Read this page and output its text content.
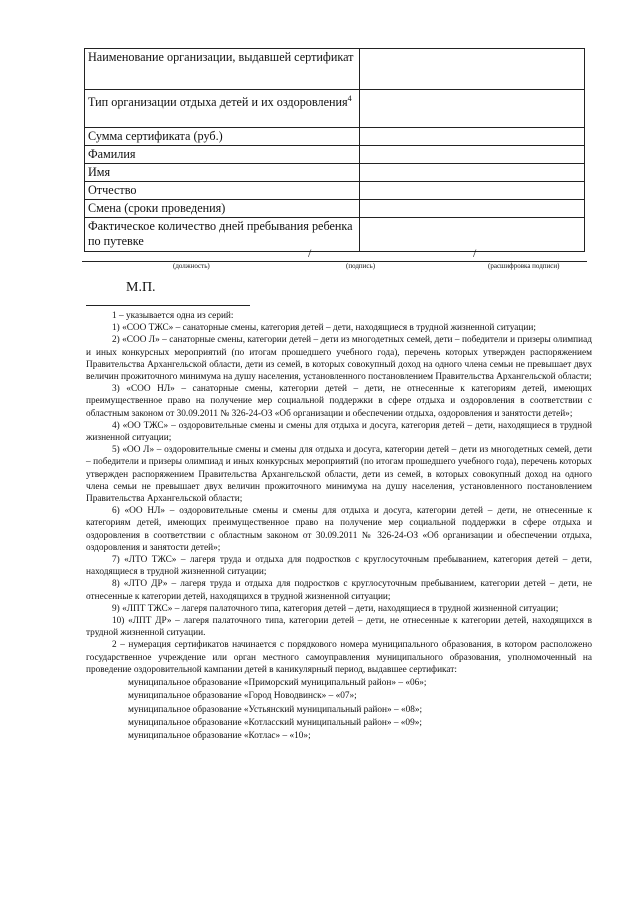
Наименование организации, выдавшей сертификат	
Тип организации отдыха детей и их оздоровления$^4$	
Сумма сертификата (руб.)	
Фамилия	
Имя	
Отчество	
Смена (сроки проведения)	
Фактическое количество дней пребывания ребенка по путевке	
/	/
(должность)	(подпись)	(расшифровка подписи)
М.П.

1 – указывается одна из серий:

1) «СОО ТЖС» – санаторные смены, категория детей – дети, находящиеся в трудной жизненной ситуации;

2) «СОО Л» – санаторные смены, категории детей – дети из многодетных семей, дети – победители и призеры олимпиад и иных конкурсных мероприятий (по итогам прошедшего учебного года), перечень которых утвержден распоряжением Правительства Архангельской области, дети из семей, в которых совокупный доход на одного члена семьи не превышает двух величин прожиточного минимума на душу населения, установленного постановлением Правительства Архангельской области;

3) «СОО НЛ» – санаторные смены, категории детей – дети, не отнесенные к категориям детей, имеющих преимущественное право на получение мер социальной поддержки в сфере отдыха и оздоровления в соответствии с областным законом от 30.09.2011 № 326-24-ОЗ «Об организации и обеспечении отдыха, оздоровления и занятости детей»;

4) «ОО ТЖС» – оздоровительные смены и смены для отдыха и досуга, категория детей – дети, находящиеся в трудной жизненной ситуации;

5) «ОО Л» – оздоровительные смены и смены для отдыха и досуга, категории детей – дети из многодетных семей, дети – победители и призеры олимпиад и иных конкурсных мероприятий (по итогам прошедшего учебного года), перечень которых утвержден распоряжением Правительства Архангельской области, дети из семей, в которых совокупный доход на одного члена семьи не превышает двух величин прожиточного минимума на душу населения, установленного постановлением Правительства Архангельской области;

6) «ОО НЛ» – оздоровительные смены и смены для отдыха и досуга, категории детей – дети, не отнесенные к категориям детей, имеющих преимущественное право на получение мер социальной поддержки в сфере отдыха и оздоровления в соответствии с областным законом от 30.09.2011 № 326-24-ОЗ «Об организации и обеспечении отдыха, оздоровления и занятости детей»;

7) «ЛТО ТЖС» – лагеря труда и отдыха для подростков с круглосуточным пребыванием, категория детей – дети, находящиеся в трудной жизненной ситуации;

8) «ЛТО ДР» – лагеря труда и отдыха для подростков с круглосуточным пребыванием, категории детей – дети, не отнесенные к категории детей, находящихся в трудной жизненной ситуации;

9) «ЛПТ ТЖС» – лагеря палаточного типа, категория детей – дети, находящиеся в трудной жизненной ситуации;

10) «ЛПТ ДР» – лагеря палаточного типа, категории детей – дети, не отнесенные к категории детей, находящихся в трудной жизненной ситуации.

2 – нумерация сертификатов начинается с порядкового номера муниципального образования, в котором расположено государственное учреждение или орган местного самоуправления муниципального образования, уполномоченный на проведение оздоровительной кампании детей в каникулярный период, выдавшее сертификат:

муниципальное образование «Приморский муниципальный район» – «06»;

муниципальное образование «Город Новодвинск» – «07»;

муниципальное образование «Устьянский муниципальный район» – «08»;

муниципальное образование «Котласский муниципальный район» – «09»;

муниципальное образование «Котлас» – «10»;
